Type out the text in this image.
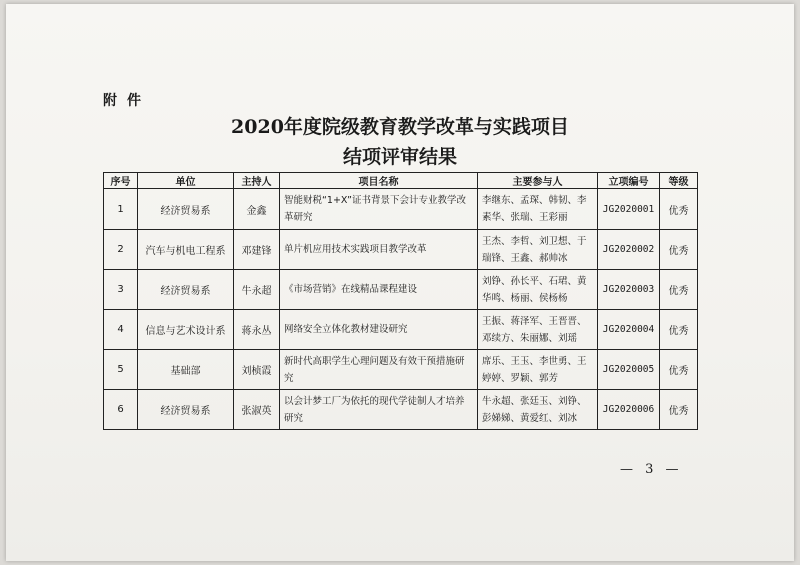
附件
2020年度院级教育教学改革与实践项目
结项评审结果
序号	单位	主持人	项目名称	主要参与人	立项编号	等级
1	经济贸易系	金鑫	智能财税“1+X”证书背景下会计专业教学改革研究	李继东、孟琛、韩韧、李素华、张瑞、王彩丽	JG2020001	优秀
2	汽车与机电工程系	邓建锋	单片机应用技术实践项目教学改革	王杰、李哲、刘卫想、于瑞锋、王鑫、郝帅冰	JG2020002	优秀
3	经济贸易系	牛永超	《市场营销》在线精品课程建设	刘铮、孙长平、石珺、黄华鸣、杨丽、侯杨杨	JG2020003	优秀
4	信息与艺术设计系	蒋永丛	网络安全立体化教材建设研究	王振、蒋泽军、王晋晋、邓续方、朱丽娜、刘瑶	JG2020004	优秀
5	基础部	刘桢霞	新时代高职学生心理问题及有效干预措施研究	席乐、王玉、李世勇、王婷婷、罗颖、郭芳	JG2020005	优秀
6	经济贸易系	张淑英	以会计梦工厂为依托的现代学徒制人才培养研究	牛永超、张廷玉、刘铮、彭娣娣、黄爱红、刘冰	JG2020006	优秀
— 3 —
